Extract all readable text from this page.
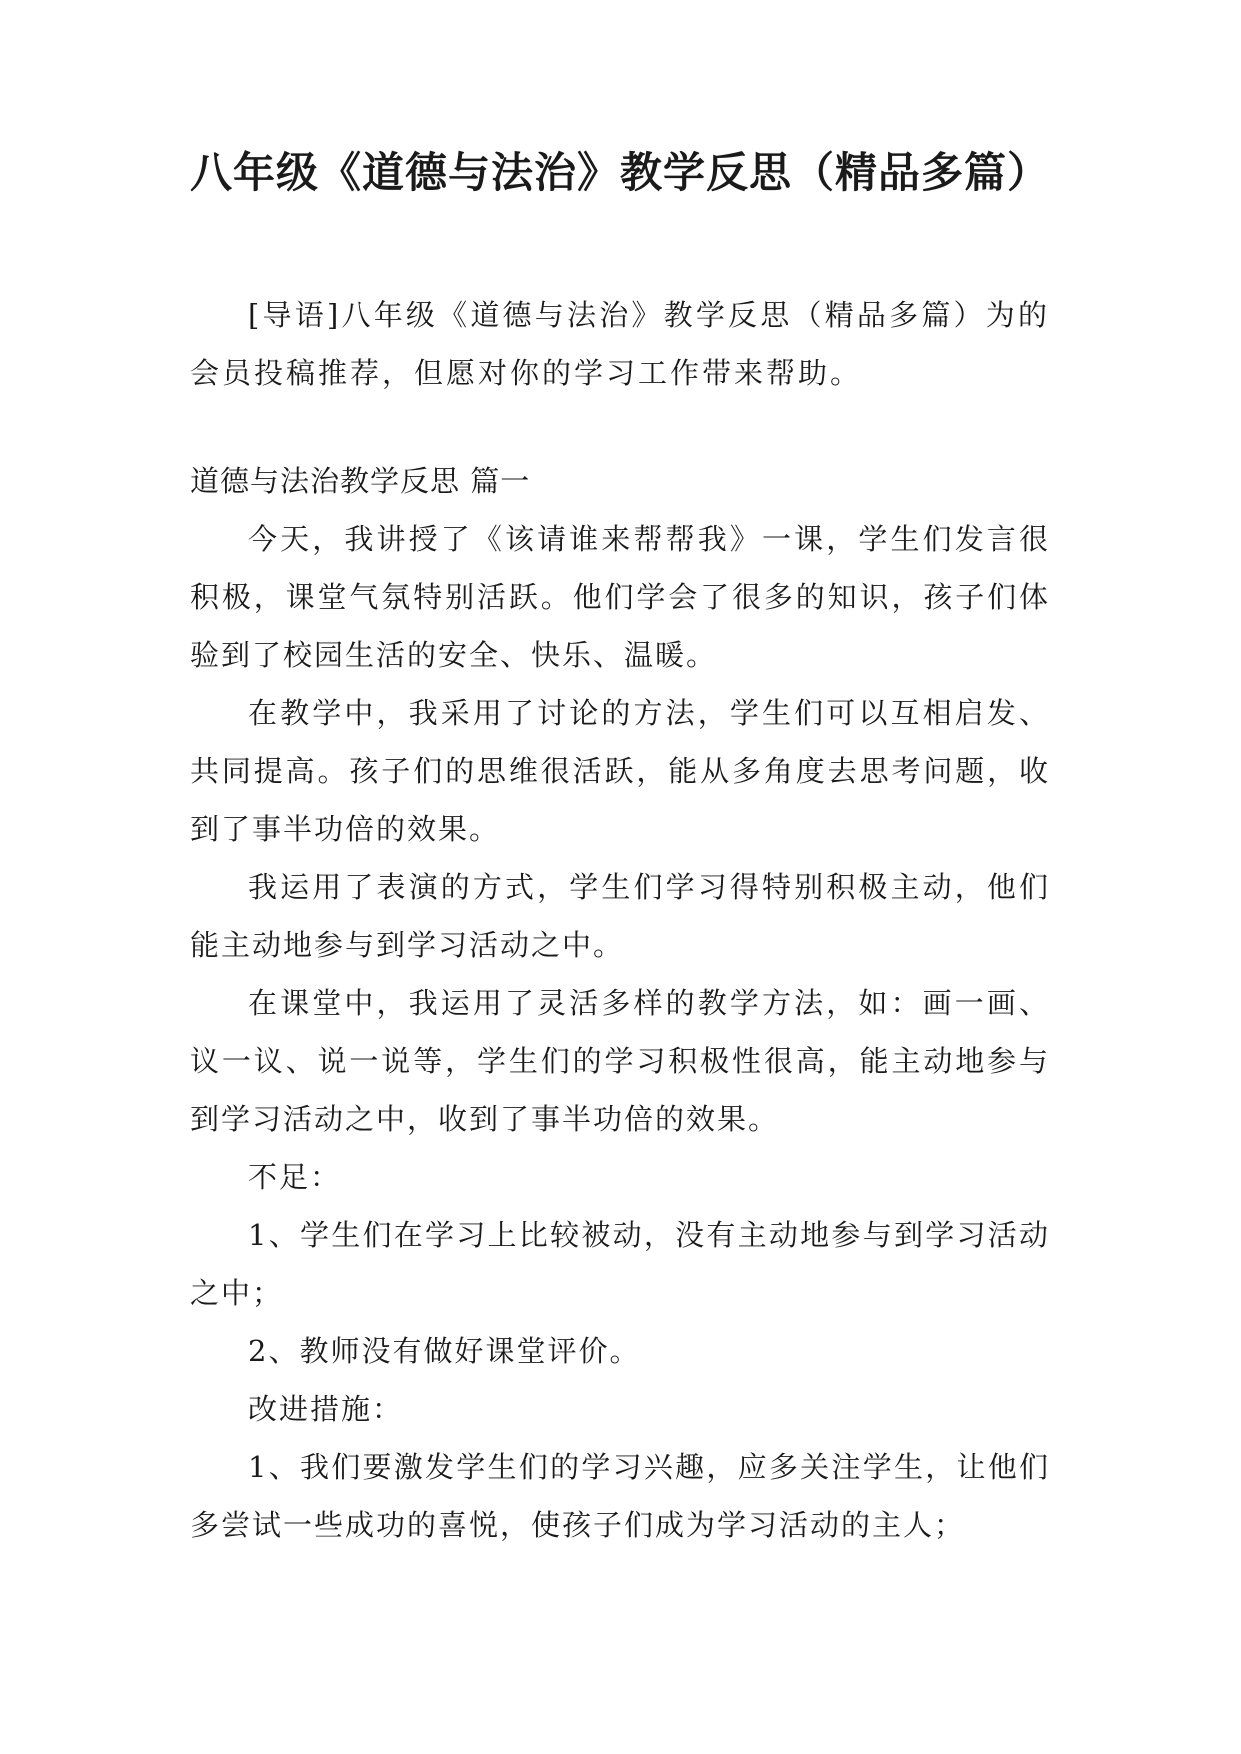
八年级《道德与法治》教学反思（精品多篇）

[导语]八年级《道德与法治》教学反思（精品多篇）为的会员投稿推荐，但愿对你的学习工作带来帮助。

道德与法治教学反思 篇一

今天，我讲授了《该请谁来帮帮我》一课，学生们发言很积极，课堂气氛特别活跃。他们学会了很多的知识，孩子们体验到了校园生活的安全、快乐、温暖。

在教学中，我采用了讨论的方法，学生们可以互相启发、共同提高。孩子们的思维很活跃，能从多角度去思考问题，收到了事半功倍的效果。

我运用了表演的方式，学生们学习得特别积极主动，他们能主动地参与到学习活动之中。

在课堂中，我运用了灵活多样的教学方法，如：画一画、议一议、说一说等，学生们的学习积极性很高，能主动地参与到学习活动之中，收到了事半功倍的效果。

不足：

1、学生们在学习上比较被动，没有主动地参与到学习活动之中；

2、教师没有做好课堂评价。

改进措施：

1、我们要激发学生们的学习兴趣，应多关注学生，让他们多尝试一些成功的喜悦，使孩子们成为学习活动的主人；
